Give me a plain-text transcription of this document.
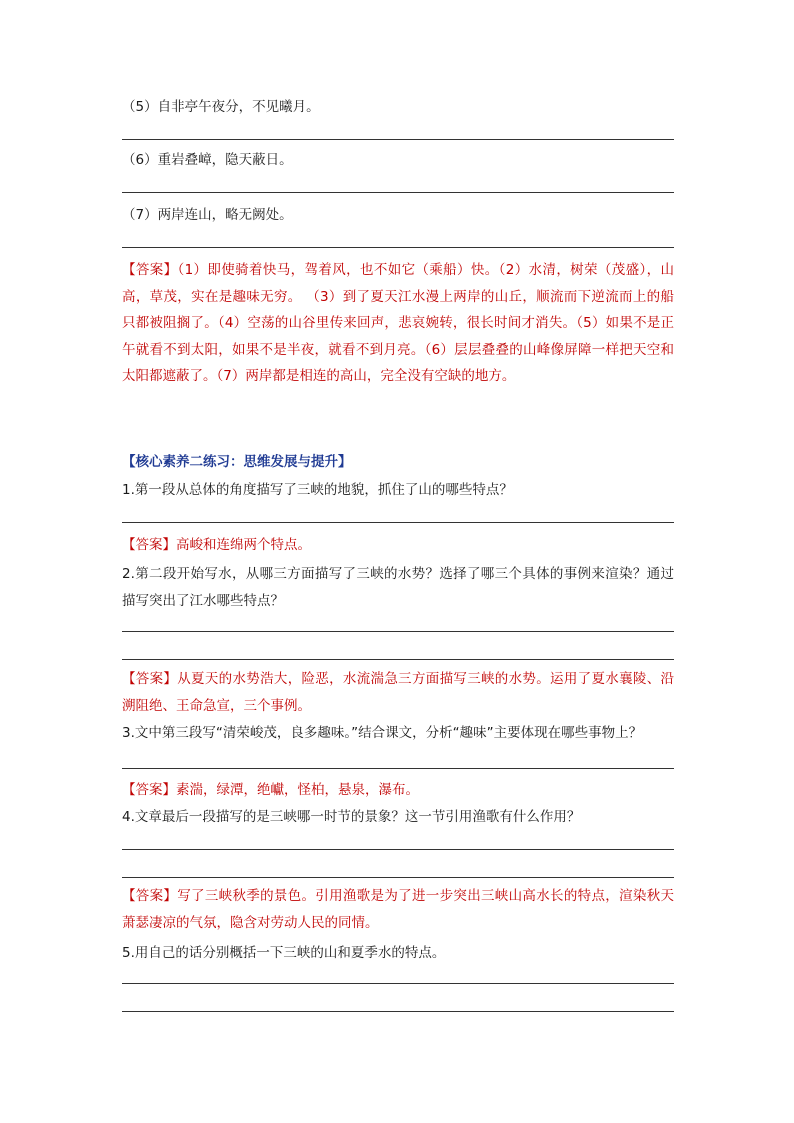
（5）自非亭午夜分，不见曦月。
（6）重岩叠嶂，隐天蔽日。
（7）两岸连山，略无阙处。
【答案】（1）即使骑着快马，驾着风，也不如它（乘船）快。（2）水清，树荣（茂盛），山高，草茂，实在是趣味无穷。 （3）到了夏天江水漫上两岸的山丘，顺流而下逆流而上的船只都被阻搁了。（4）空荡的山谷里传来回声，悲哀婉转，很长时间才消失。（5）如果不是正午就看不到太阳，如果不是半夜，就看不到月亮。（6）层层叠叠的山峰像屏障一样把天空和太阳都遮蔽了。（7）两岸都是相连的高山，完全没有空缺的地方。
【核心素养二练习：思维发展与提升】
1.第一段从总体的角度描写了三峡的地貌，抓住了山的哪些特点？
【答案】高峻和连绵两个特点。
2.第二段开始写水，从哪三方面描写了三峡的水势？选择了哪三个具体的事例来渲染？通过描写突出了江水哪些特点？
【答案】从夏天的水势浩大，险恶，水流湍急三方面描写三峡的水势。运用了夏水襄陵、沿溯阻绝、王命急宣，三个事例。
3.文中第三段写“清荣峻茂，良多趣味。”结合课文，分析“趣味”主要体现在哪些事物上？
【答案】素湍，绿潭，绝巘，怪柏，悬泉，瀑布。
4.文章最后一段描写的是三峡哪一时节的景象？这一节引用渔歌有什么作用？
【答案】写了三峡秋季的景色。引用渔歌是为了进一步突出三峡山高水长的特点，渲染秋天萧瑟凄凉的气氛，隐含对劳动人民的同情。
5.用自己的话分别概括一下三峡的山和夏季水的特点。
